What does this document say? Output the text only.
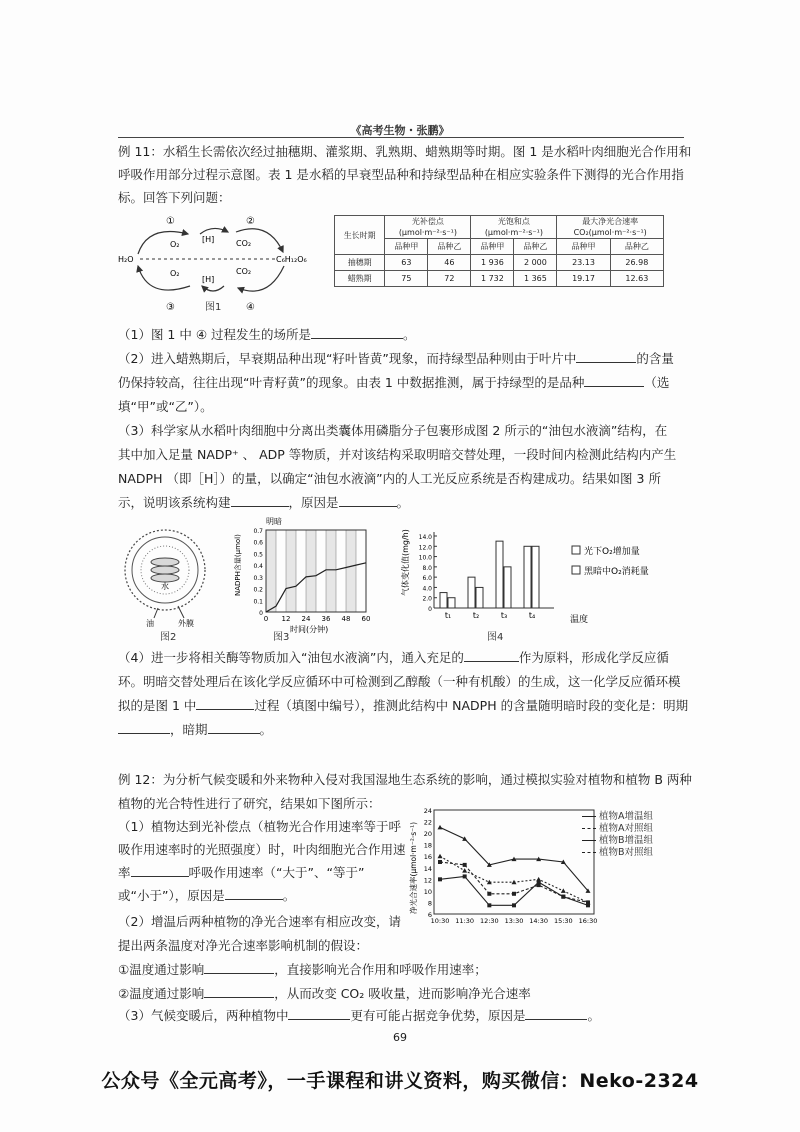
《高考生物・张鹏》
例 11：水稻生长需依次经过抽穗期、灌浆期、乳熟期、蜡熟期等时期。图 1 是水稻叶肉细胞光合作用和
呼吸作用部分过程示意图。表 1 是水稻的早衰型品种和持绿型品种在相应实验条件下测得的光合作用指
标。回答下列问题：
①	②
③	④
O₂
[H]	CO₂
H₂O	C₆H₁₂O₆
O₂
[H]
CO₂
图1
生长时期	光补偿点
(μmol·m⁻²·s⁻¹)		光饱和点
(μmol·m⁻²·s⁻¹)		最大净光合速率
CO₂(μmol·m⁻²·s⁻¹)	
	品种甲	品种乙	品种甲	品种乙	品种甲	品种乙
抽穗期	63	46	1 936	2 000	23.13	26.98
蜡熟期	75	72	1 732	1 365	19.17	12.63
（1）图 1 中 ④ 过程发生的场所是	。
（2）进入蜡熟期后，早衰期品种出现“籽叶皆黄”现象，而持绿型品种则由于叶片中	的含量
仍保持较高，往往出现“叶青籽黄”的现象。由表 1 中数据推测，属于持绿型的是品种	（选
填“甲”或“乙”）。
（3）科学家从水稻叶肉细胞中分离出类囊体用磷脂分子包裹形成图 2 所示的“油包水液滴”结构，在
其中加入足量 NADP⁺ 、 ADP 等物质，并对该结构采取明暗交替处理，一段时间内检测此结构内产生
NADPH （即［H］）的量，以确定“油包水液滴”内的人工光反应系统是否构建成功。结果如图 3 所
示，说明该系统构建	，原因是	。
水
油	外膜
图2
明暗
0
0.1
0.2
0.3
0.4
0.5
0.6
0.7
0 12 24 36 48 60
NADPH含量(μmol)
时间(分钟)
图3
0
2.0
4.0
6.0
8.0
10.0
12.0
14.0
t₁	t₂	t₃	t₄
气体变化值(mg/h)
温度
光下O₂增加量
黑暗中O₂消耗量
图4
（4）进一步将相关酶等物质加入“油包水液滴”内，通入充足的	作为原料，形成化学反应循
环。明暗交替处理后在该化学反应循环中可检测到乙醇酸（一种有机酸）的生成，这一化学反应循环模
拟的是图 1 中	过程（填图中编号），推测此结构中 NADPH 的含量随明暗时段的变化是：明期
，暗期	。
例 12：为分析气候变暖和外来物种入侵对我国湿地生态系统的影响，通过模拟实验对植物和植物 B 两种
植物的光合特性进行了研究，结果如下图所示：
（1）植物达到光补偿点（植物光合作用速率等于呼
吸作用速率时的光照强度）时，叶肉细胞光合作用速
率	呼吸作用速率（“大于”、“等于”
或“小于”），原因是	。
（2）增温后两种植物的净光合速率有相应改变，请
提出两条温度对净光合速率影响机制的假设：
①温度通过影响	，直接影响光合作用和呼吸作用速率；
②温度通过影响	，从而改变 CO₂ 吸收量，进而影响净光合速率
（3）气候变暖后，两种植物中	更有可能占据竞争优势，原因是	。
6
8
10
12
14
16
18
20
22
24
10:30 11:30 12:30 13:30 14:30 15:30 16:30
净光合速率(μmol·m⁻²·s⁻¹)
植物A增温组
植物A对照组
植物B增温组
植物B对照组
69
公众号《全元高考》，一手课程和讲义资料，购买微信：Neko-2324
